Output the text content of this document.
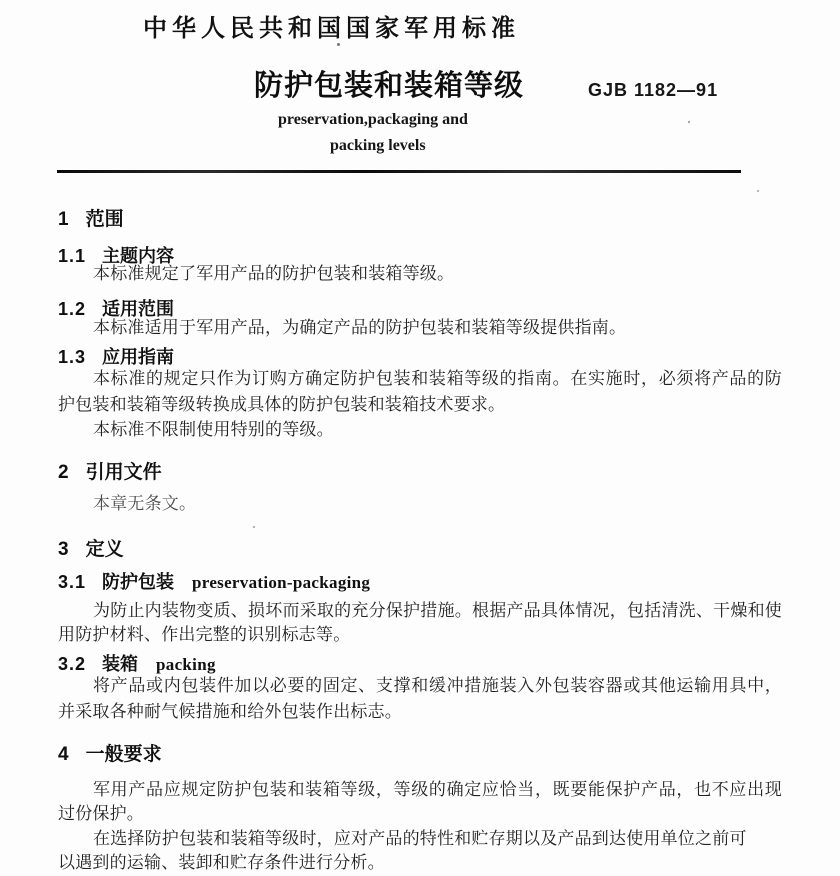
中华人民共和国国家军用标准
防护包装和装箱等级	GJB 1182—91
preservation,packaging and
packing levels
1 范围
1.1 主题内容
本标准规定了军用产品的防护包装和装箱等级。
1.2 适用范围
本标准适用于军用产品，为确定产品的防护包装和装箱等级提供指南。
1.3 应用指南
本标准的规定只作为订购方确定防护包装和装箱等级的指南。在实施时，必须将产品的防
护包装和装箱等级转换成具体的防护包装和装箱技术要求。
本标准不限制使用特别的等级。
2 引用文件
本章无条文。
3 定义
3.1 防护包装 preservation-packaging
为防止内装物变质、损坏而采取的充分保护措施。根据产品具体情况，包括清洗、干燥和使
用防护材料、作出完整的识别标志等。
3.2 装箱 packing
将产品或内包装件加以必要的固定、支撑和缓冲措施装入外包装容器或其他运输用具中，
并采取各种耐气候措施和给外包装作出标志。
4 一般要求
军用产品应规定防护包装和装箱等级，等级的确定应恰当，既要能保护产品，也不应出现
过份保护。
在选择防护包装和装箱等级时，应对产品的特性和贮存期以及产品到达使用单位之前可
以遇到的运输、装卸和贮存条件进行分析。
